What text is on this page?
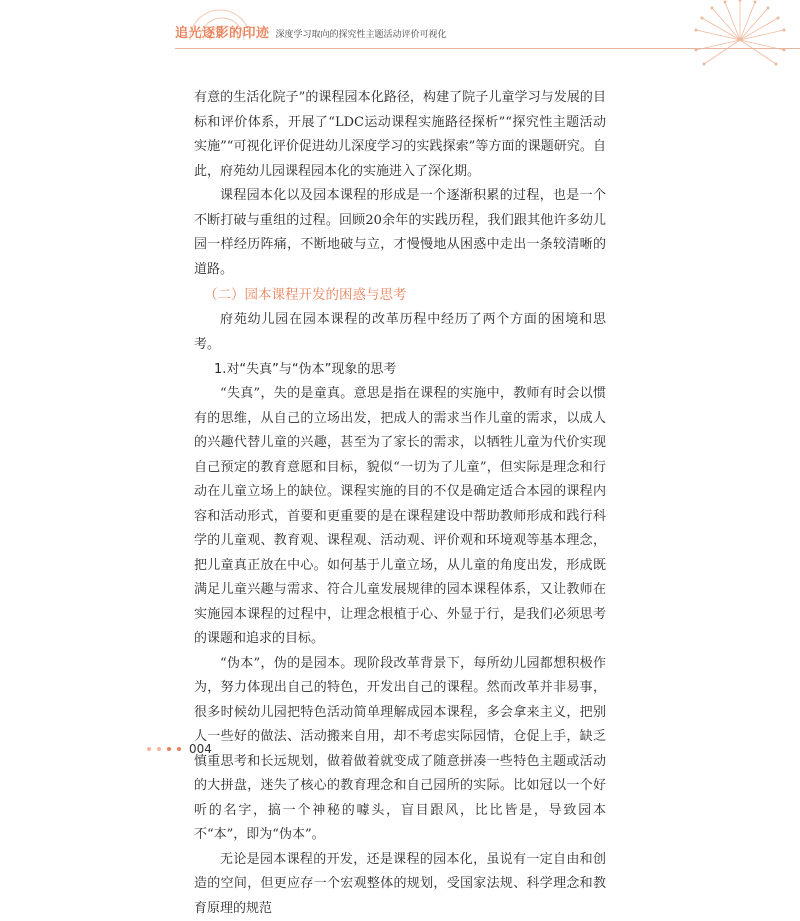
追光逐影的印迹 深度学习取向的探究性主题活动评价可视化

有意的生活化院子”的课程园本化路径，构建了院子儿童学习与发展的目标和评价体系，开展了“LDC运动课程实施路径探析”“探究性主题活动实施”“可视化评价促进幼儿深度学习的实践探索”等方面的课题研究。自此，府苑幼儿园课程园本化的实施进入了深化期。

课程园本化以及园本课程的形成是一个逐渐积累的过程，也是一个不断打破与重组的过程。回顾20余年的实践历程，我们跟其他许多幼儿园一样经历阵痛，不断地破与立，才慢慢地从困惑中走出一条较清晰的道路。

（二）园本课程开发的困惑与思考

府苑幼儿园在园本课程的改革历程中经历了两个方面的困境和思考。

1.对“失真”与“伪本”现象的思考

“失真”，失的是童真。意思是指在课程的实施中，教师有时会以惯有的思维，从自己的立场出发，把成人的需求当作儿童的需求，以成人的兴趣代替儿童的兴趣，甚至为了家长的需求，以牺牲儿童为代价实现自己预定的教育意愿和目标，貌似“一切为了儿童”，但实际是理念和行动在儿童立场上的缺位。课程实施的目的不仅是确定适合本园的课程内容和活动形式，首要和更重要的是在课程建设中帮助教师形成和践行科学的儿童观、教育观、课程观、活动观、评价观和环境观等基本理念，把儿童真正放在中心。如何基于儿童立场，从儿童的角度出发，形成既满足儿童兴趣与需求、符合儿童发展规律的园本课程体系，又让教师在实施园本课程的过程中，让理念根植于心、外显于行，是我们必须思考的课题和追求的目标。

“伪本”，伪的是园本。现阶段改革背景下，每所幼儿园都想积极作为，努力体现出自己的特色，开发出自己的课程。然而改革并非易事，很多时候幼儿园把特色活动简单理解成园本课程，多会拿来主义，把别人一些好的做法、活动搬来自用，却不考虑实际园情，仓促上手，缺乏慎重思考和长远规划，做着做着就变成了随意拼凑一些特色主题或活动的大拼盘，迷失了核心的教育理念和自己园所的实际。比如冠以一个好听的名字，搞一个神秘的噱头，盲目跟风，比比皆是，导致园本不“本”，即为“伪本”。

无论是园本课程的开发，还是课程的园本化，虽说有一定自由和创造的空间，但更应存一个宏观整体的规划，受国家法规、科学理念和教育原理的规范

004
